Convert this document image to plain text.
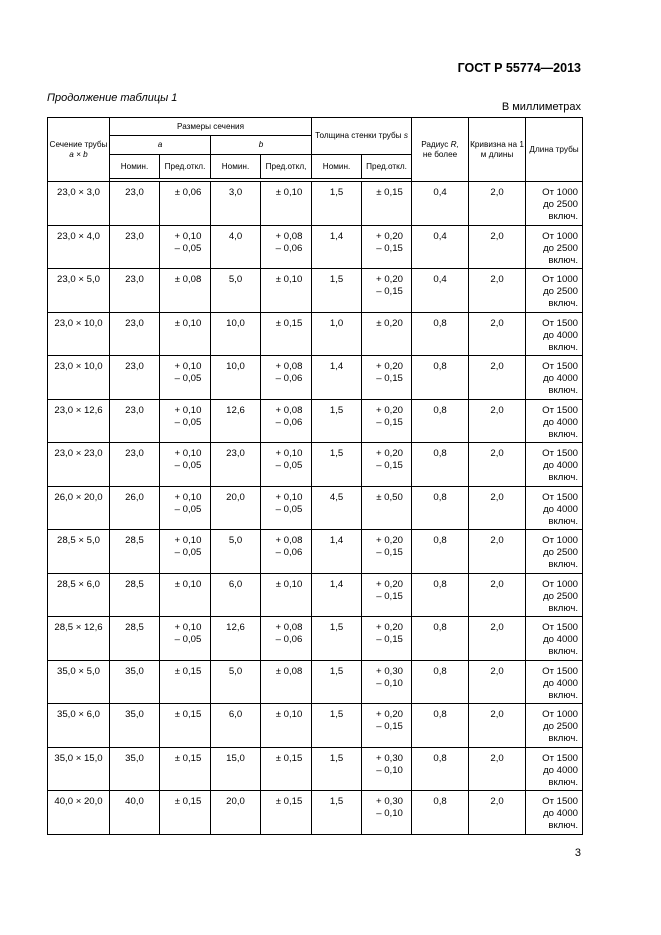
ГОСТ Р 55774—2013
Продолжение таблицы 1
В миллиметрах
Сечение трубы
a × b	Размеры сечения				Толщина стенки трубы s		Радиус R,
не более	Кривизна на 1 м длины	Длина трубы
	a		b						
	Номин.	Пред.откл.	Номин.	Пред.откл,	Номин.	Пред.откл.			

23,0 × 3,0	23,0	± 0,06	3,0	± 0,10	1,5	± 0,15	0,4	2,0	От 1000
до 2500
включ.

23,0 × 4,0	23,0	+ 0,10
– 0,05	4,0	+ 0,08
– 0,06	1,4	+ 0,20
– 0,15	0,4	2,0	От 1000
до 2500
включ.

23,0 × 5,0	23,0	± 0,08	5,0	± 0,10	1,5	+ 0,20
– 0,15	0,4	2,0	От 1000
до 2500
включ.

23,0 × 10,0	23,0	± 0,10	10,0	± 0,15	1,0	± 0,20	0,8	2,0	От 1500
до 4000
включ.

23,0 × 10,0	23,0	+ 0,10
– 0,05	10,0	+ 0,08
– 0,06	1,4	+ 0,20
– 0,15	0,8	2,0	От 1500
до 4000
включ.

23,0 × 12,6	23,0	+ 0,10
– 0,05	12,6	+ 0,08
– 0,06	1,5	+ 0,20
– 0,15	0,8	2,0	От 1500
до 4000
включ.

23,0 × 23,0	23,0	+ 0,10
– 0,05	23,0	+ 0,10
– 0,05	1,5	+ 0,20
– 0,15	0,8	2,0	От 1500
до 4000
включ.

26,0 × 20,0	26,0	+ 0,10
– 0,05	20,0	+ 0,10
– 0,05	4,5	± 0,50	0,8	2,0	От 1500
до 4000
включ.

28,5 × 5,0	28,5	+ 0,10
– 0,05	5,0	+ 0,08
– 0,06	1,4	+ 0,20
– 0,15	0,8	2,0	От 1000
до 2500
включ.

28,5 × 6,0	28,5	± 0,10	6,0	± 0,10	1,4	+ 0,20
– 0,15	0,8	2,0	От 1000
до 2500
включ.

28,5 × 12,6	28,5	+ 0,10
– 0,05	12,6	+ 0,08
– 0,06	1,5	+ 0,20
– 0,15	0,8	2,0	От 1500
до 4000
включ.

35,0 × 5,0	35,0	± 0,15	5,0	± 0,08	1,5	+ 0,30
– 0,10	0,8	2,0	От 1500
до 4000
включ.

35,0 × 6,0	35,0	± 0,15	6,0	± 0,10	1,5	+ 0,20
– 0,15	0,8	2,0	От 1000
до 2500
включ.

35,0 × 15,0	35,0	± 0,15	15,0	± 0,15	1,5	+ 0,30
– 0,10	0,8	2,0	От 1500
до 4000
включ.

40,0 × 20,0	40,0	± 0,15	20,0	± 0,15	1,5	+ 0,30
– 0,10	0,8	2,0	От 1500
до 4000
включ.
3
